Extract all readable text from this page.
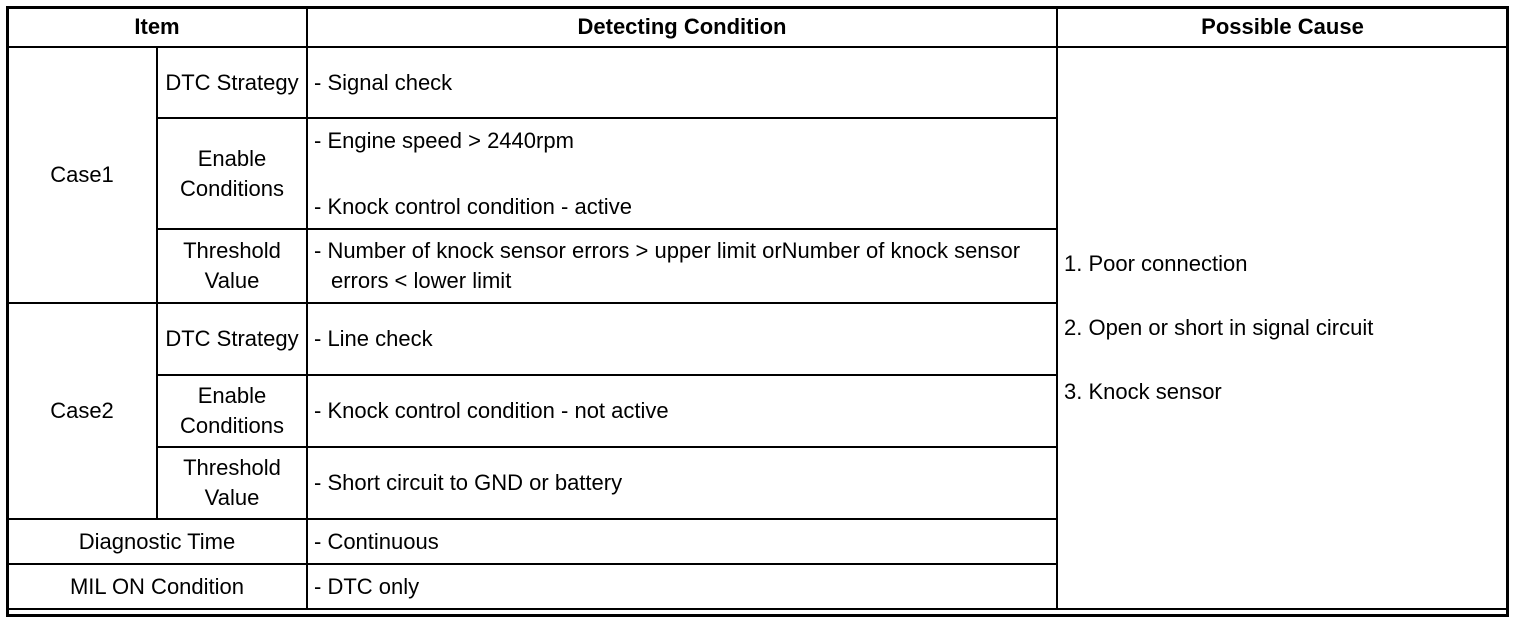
Item		Detecting Condition	Possible Cause
Case1	DTC Strategy	- Signal check	1. Poor connection
2. Open or short in signal circuit
3. Knock sensor

	Enable Conditions	- Engine speed > 2440rpm
- Knock control condition - active	

	Threshold Value	- Number of knock sensor errors > upper limit orNumber of knock sensor errors < lower limit	

Case2	DTC Strategy	- Line check	
	Enable Conditions	- Knock control condition - not active	
	Threshold Value	- Short circuit to GND or battery	
Diagnostic Time		- Continuous	
MIL ON Condition		- DTC only	
